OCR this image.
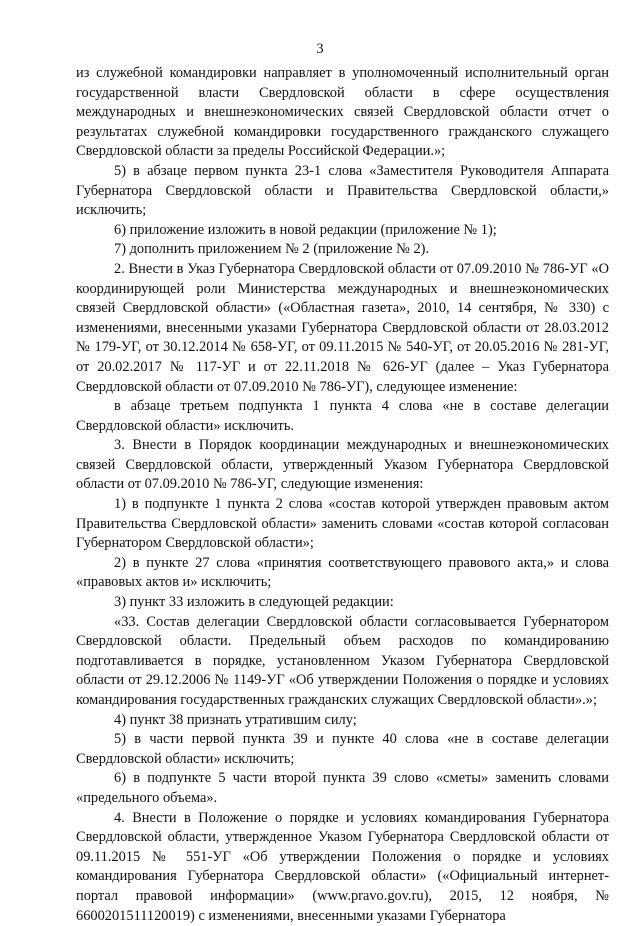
3

из служебной командировки направляет в уполномоченный исполнительный орган государственной власти Свердловской области в сфере осуществления международных и внешнеэкономических связей Свердловской области отчет о результатах служебной командировки государственного гражданского служащего Свердловской области за пределы Российской Федерации.»;

5) в абзаце первом пункта 23-1 слова «Заместителя Руководителя Аппарата Губернатора Свердловской области и Правительства Свердловской области,» исключить;

6) приложение изложить в новой редакции (приложение № 1);

7) дополнить приложением № 2 (приложение № 2).

2. Внести в Указ Губернатора Свердловской области от 07.09.2010 № 786-УГ «О координирующей роли Министерства международных и внешнеэкономических связей Свердловской области» («Областная газета», 2010, 14 сентября, № 330) с изменениями, внесенными указами Губернатора Свердловской области от 28.03.2012 № 179-УГ, от 30.12.2014 № 658-УГ, от 09.11.2015 № 540-УГ, от 20.05.2016 № 281-УГ, от 20.02.2017 № 117-УГ и от 22.11.2018 № 626-УГ (далее – Указ Губернатора Свердловской области от 07.09.2010 № 786-УГ), следующее изменение:

в абзаце третьем подпункта 1 пункта 4 слова «не в составе делегации Свердловской области» исключить.

3. Внести в Порядок координации международных и внешнеэкономических связей Свердловской области, утвержденный Указом Губернатора Свердловской области от 07.09.2010 № 786-УГ, следующие изменения:

1) в подпункте 1 пункта 2 слова «состав которой утвержден правовым актом Правительства Свердловской области» заменить словами «состав которой согласован Губернатором Свердловской области»;

2) в пункте 27 слова «принятия соответствующего правового акта,» и слова «правовых актов и» исключить;

3) пункт 33 изложить в следующей редакции:

«33. Состав делегации Свердловской области согласовывается Губернатором Свердловской области. Предельный объем расходов по командированию подготавливается в порядке, установленном Указом Губернатора Свердловской области от 29.12.2006 № 1149-УГ «Об утверждении Положения о порядке и условиях командирования государственных гражданских служащих Свердловской области».»;

4) пункт 38 признать утратившим силу;

5) в части первой пункта 39 и пункте 40 слова «не в составе делегации Свердловской области» исключить;

6) в подпункте 5 части второй пункта 39 слово «сметы» заменить словами «предельного объема».

4. Внести в Положение о порядке и условиях командирования Губернатора Свердловской области, утвержденное Указом Губернатора Свердловской области от 09.11.2015 № 551-УГ «Об утверждении Положения о порядке и условиях командирования Губернатора Свердловской области» («Официальный интернет-портал правовой информации» (www.pravo.gov.ru), 2015, 12 ноября, № 6600201511120019) с изменениями, внесенными указами Губернатора
